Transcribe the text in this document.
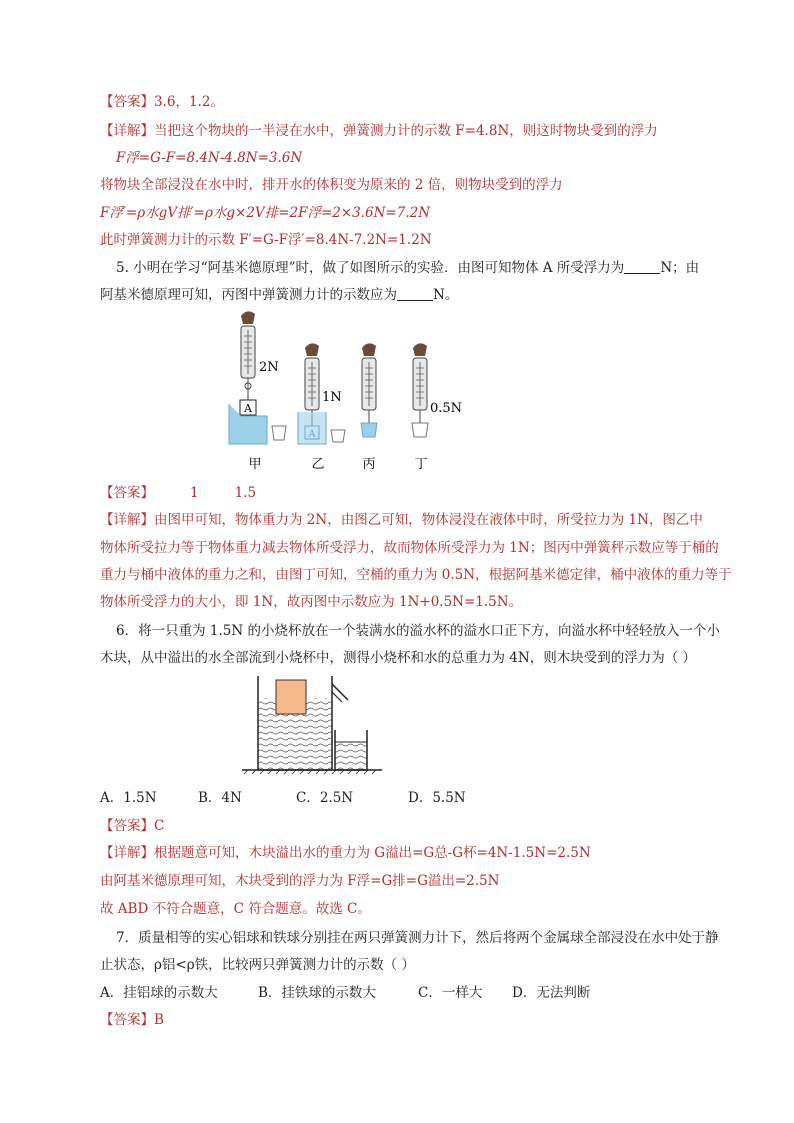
【答案】3.6，1.2。
【详解】当把这个物块的一半浸在水中，弹簧测力计的示数 F=4.8N，则这时物块受到的浮力
F浮=G-F=8.4N-4.8N=3.6N
将物块全部浸没在水中时，排开水的体积变为原来的 2 倍，则物块受到的浮力
F浮′=ρ水gV排′=ρ水g×2V排=2F浮=2×3.6N=7.2N
此时弹簧测力计的示数 F′=G-F浮′=8.4N-7.2N=1.2N
5. 小明在学习“阿基米德原理”时，做了如图所示的实验．由图可知物体 A 所受浮力为	N；由
阿基米德原理可知，丙图中弹簧测力计的示数应为	N。
A
2N
甲
1N
A
乙	丙
0.5N
丁
【答案】	1	1.5
【详解】由图甲可知，物体重力为 2N，由图乙可知，物体浸没在液体中时，所受拉力为 1N，图乙中
物体所受拉力等于物体重力减去物体所受浮力，故而物体所受浮力为 1N；图丙中弹簧秤示数应等于桶的
重力与桶中液体的重力之和，由图丁可知，空桶的重力为 0.5N，根据阿基米德定律，桶中液体的重力等于
物体所受浮力的大小，即 1N，故丙图中示数应为 1N+0.5N=1.5N。
6．将一只重为 1.5N 的小烧杯放在一个装满水的溢水杯的溢水口正下方，向溢水杯中轻轻放入一个小
木块，从中溢出的水全部流到小烧杯中，测得小烧杯和水的总重力为 4N，则木块受到的浮力为（ ）
A．1.5N	B．4N	C．2.5N	D．5.5N
【答案】C
【详解】根据题意可知，木块溢出水的重力为 G溢出=G总-G杯=4N-1.5N=2.5N
由阿基米德原理可知，木块受到的浮力为 F浮=G排=G溢出=2.5N
故 ABD 不符合题意，C 符合题意。故选 C。
7．质量相等的实心铝球和铁球分别挂在两只弹簧测力计下，然后将两个金属球全部浸没在水中处于静
止状态，ρ铝<ρ铁，比较两只弹簧测力计的示数（ ）
A．挂铝球的示数大	B．挂铁球的示数大	C．一样大 D．无法判断
【答案】B
